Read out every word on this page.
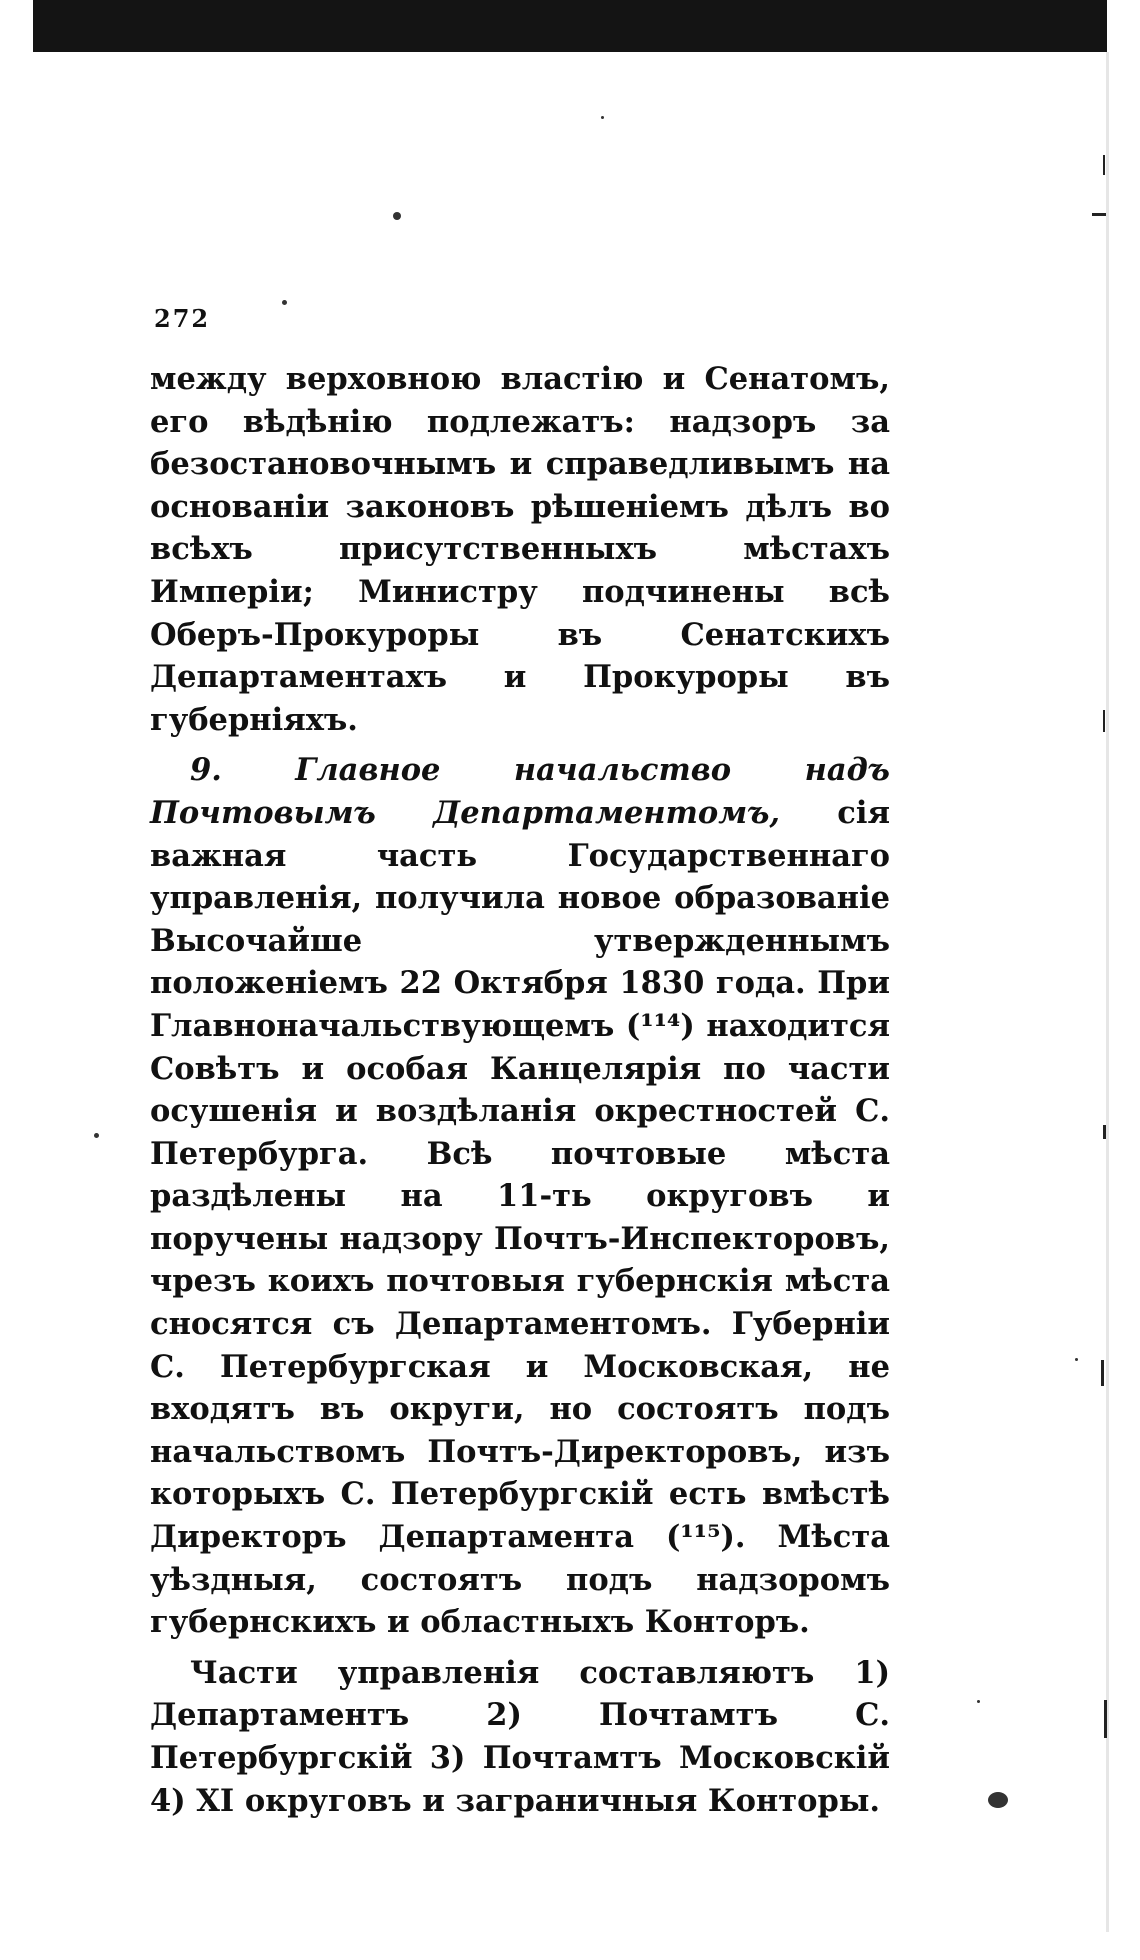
272

между верховною властію и Сенатомъ, его вѣдѣнію подлежатъ: надзоръ за безостановочнымъ и справедливымъ на основаніи законовъ рѣшеніемъ дѣлъ во всѣхъ присутственныхъ мѣстахъ Имперіи; Министру подчинены всѣ Оберъ-Прокуроры въ Сенатскихъ Департаментахъ и Прокуроры въ губерніяхъ.

9. Главное начальство надъ Почтовымъ Департаментомъ, сія важная часть Государственнаго управленія, получила новое образованіе Высочайше утвержденнымъ положеніемъ 22 Октября 1830 года. При Главноначальствующемъ (¹¹⁴) находится Совѣтъ и особая Канцелярія по части осушенія и воздѣланія окрестностей С. Петербурга. Всѣ почтовые мѣста раздѣлены на 11-ть округовъ и поручены надзору Почтъ-Инспекторовъ, чрезъ коихъ почтовыя губернскія мѣста сносятся съ Департаментомъ. Губерніи С. Петербургская и Московская, не входятъ въ округи, но состоятъ подъ начальствомъ Почтъ-Директоровъ, изъ которыхъ С. Петербургскій есть вмѣстѣ Директоръ Департамента (¹¹⁵). Мѣста уѣздныя, состоятъ подъ надзоромъ губернскихъ и областныхъ Конторъ.

Части управленія составляютъ 1) Департаментъ 2) Почтамтъ С. Петербургскій 3) Почтамтъ Московскій 4) XI округовъ и заграничныя Конторы.
